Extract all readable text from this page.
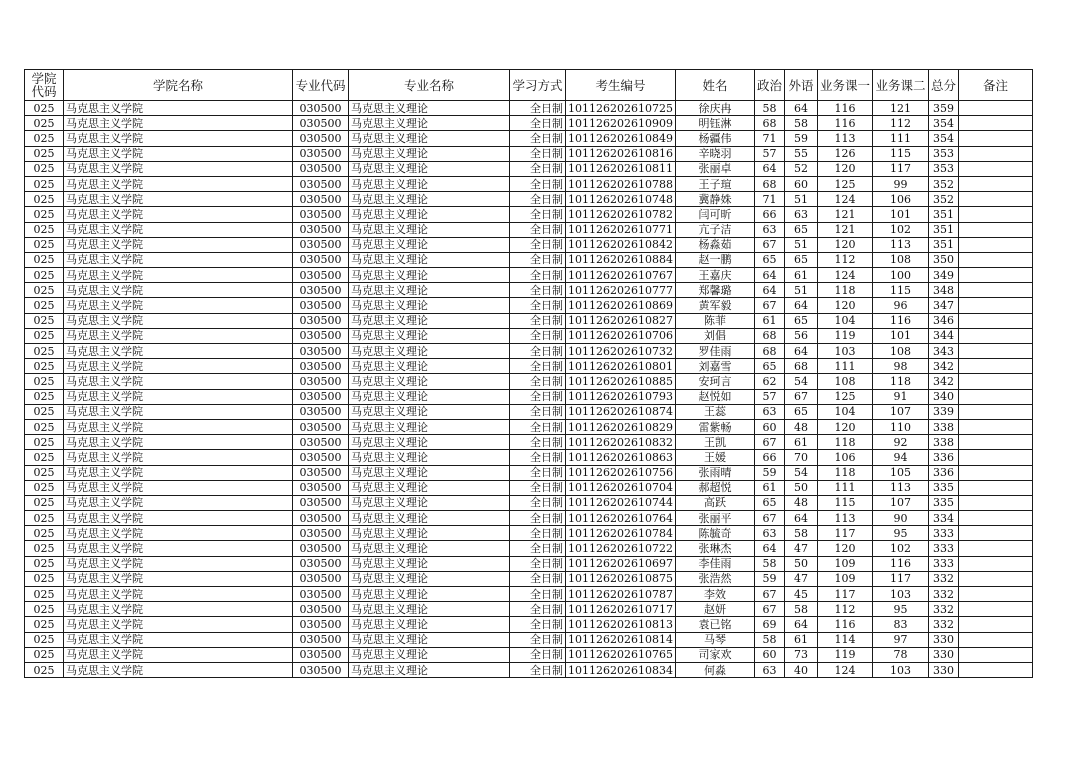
学院代码	学院名称	专业代码	专业名称	学习方式	考生编号	姓名	政治	外语	业务课一	业务课二	总分	备注
025	马克思主义学院	030500	马克思主义理论	全日制	101126202610725	徐庆冉	58	64	116	121	359	
025	马克思主义学院	030500	马克思主义理论	全日制	101126202610909	明钰淋	68	58	116	112	354	
025	马克思主义学院	030500	马克思主义理论	全日制	101126202610849	杨疆伟	71	59	113	111	354	
025	马克思主义学院	030500	马克思主义理论	全日制	101126202610816	辛晓羽	57	55	126	115	353	
025	马克思主义学院	030500	马克思主义理论	全日制	101126202610811	张丽卓	64	52	120	117	353	
025	马克思主义学院	030500	马克思主义理论	全日制	101126202610788	王子瑄	68	60	125	99	352	
025	马克思主义学院	030500	马克思主义理论	全日制	101126202610748	冀静姝	71	51	124	106	352	
025	马克思主义学院	030500	马克思主义理论	全日制	101126202610782	闫可昕	66	63	121	101	351	
025	马克思主义学院	030500	马克思主义理论	全日制	101126202610771	亢子洁	63	65	121	102	351	
025	马克思主义学院	030500	马克思主义理论	全日制	101126202610842	杨淼茹	67	51	120	113	351	
025	马克思主义学院	030500	马克思主义理论	全日制	101126202610884	赵一鹏	65	65	112	108	350	
025	马克思主义学院	030500	马克思主义理论	全日制	101126202610767	王嘉庆	64	61	124	100	349	
025	马克思主义学院	030500	马克思主义理论	全日制	101126202610777	郑馨璐	64	51	118	115	348	
025	马克思主义学院	030500	马克思主义理论	全日制	101126202610869	黄军毅	67	64	120	96	347	
025	马克思主义学院	030500	马克思主义理论	全日制	101126202610827	陈菲	61	65	104	116	346	
025	马克思主义学院	030500	马克思主义理论	全日制	101126202610706	刘倡	68	56	119	101	344	
025	马克思主义学院	030500	马克思主义理论	全日制	101126202610732	罗佳雨	68	64	103	108	343	
025	马克思主义学院	030500	马克思主义理论	全日制	101126202610801	刘嘉雪	65	68	111	98	342	
025	马克思主义学院	030500	马克思主义理论	全日制	101126202610885	安珂言	62	54	108	118	342	
025	马克思主义学院	030500	马克思主义理论	全日制	101126202610793	赵悦如	57	67	125	91	340	
025	马克思主义学院	030500	马克思主义理论	全日制	101126202610874	王蕊	63	65	104	107	339	
025	马克思主义学院	030500	马克思主义理论	全日制	101126202610829	雷紫畅	60	48	120	110	338	
025	马克思主义学院	030500	马克思主义理论	全日制	101126202610832	王凯	67	61	118	92	338	
025	马克思主义学院	030500	马克思主义理论	全日制	101126202610863	王媛	66	70	106	94	336	
025	马克思主义学院	030500	马克思主义理论	全日制	101126202610756	张雨晴	59	54	118	105	336	
025	马克思主义学院	030500	马克思主义理论	全日制	101126202610704	郝超悦	61	50	111	113	335	
025	马克思主义学院	030500	马克思主义理论	全日制	101126202610744	高跃	65	48	115	107	335	
025	马克思主义学院	030500	马克思主义理论	全日制	101126202610764	张丽平	67	64	113	90	334	
025	马克思主义学院	030500	马克思主义理论	全日制	101126202610784	陈毓奇	63	58	117	95	333	
025	马克思主义学院	030500	马克思主义理论	全日制	101126202610722	张琳杰	64	47	120	102	333	
025	马克思主义学院	030500	马克思主义理论	全日制	101126202610697	李佳雨	58	50	109	116	333	
025	马克思主义学院	030500	马克思主义理论	全日制	101126202610875	张浩然	59	47	109	117	332	
025	马克思主义学院	030500	马克思主义理论	全日制	101126202610787	李效	67	45	117	103	332	
025	马克思主义学院	030500	马克思主义理论	全日制	101126202610717	赵妍	67	58	112	95	332	
025	马克思主义学院	030500	马克思主义理论	全日制	101126202610813	袁已铭	69	64	116	83	332	
025	马克思主义学院	030500	马克思主义理论	全日制	101126202610814	马琴	58	61	114	97	330	
025	马克思主义学院	030500	马克思主义理论	全日制	101126202610765	司家欢	60	73	119	78	330	
025	马克思主义学院	030500	马克思主义理论	全日制	101126202610834	何淼	63	40	124	103	330	
